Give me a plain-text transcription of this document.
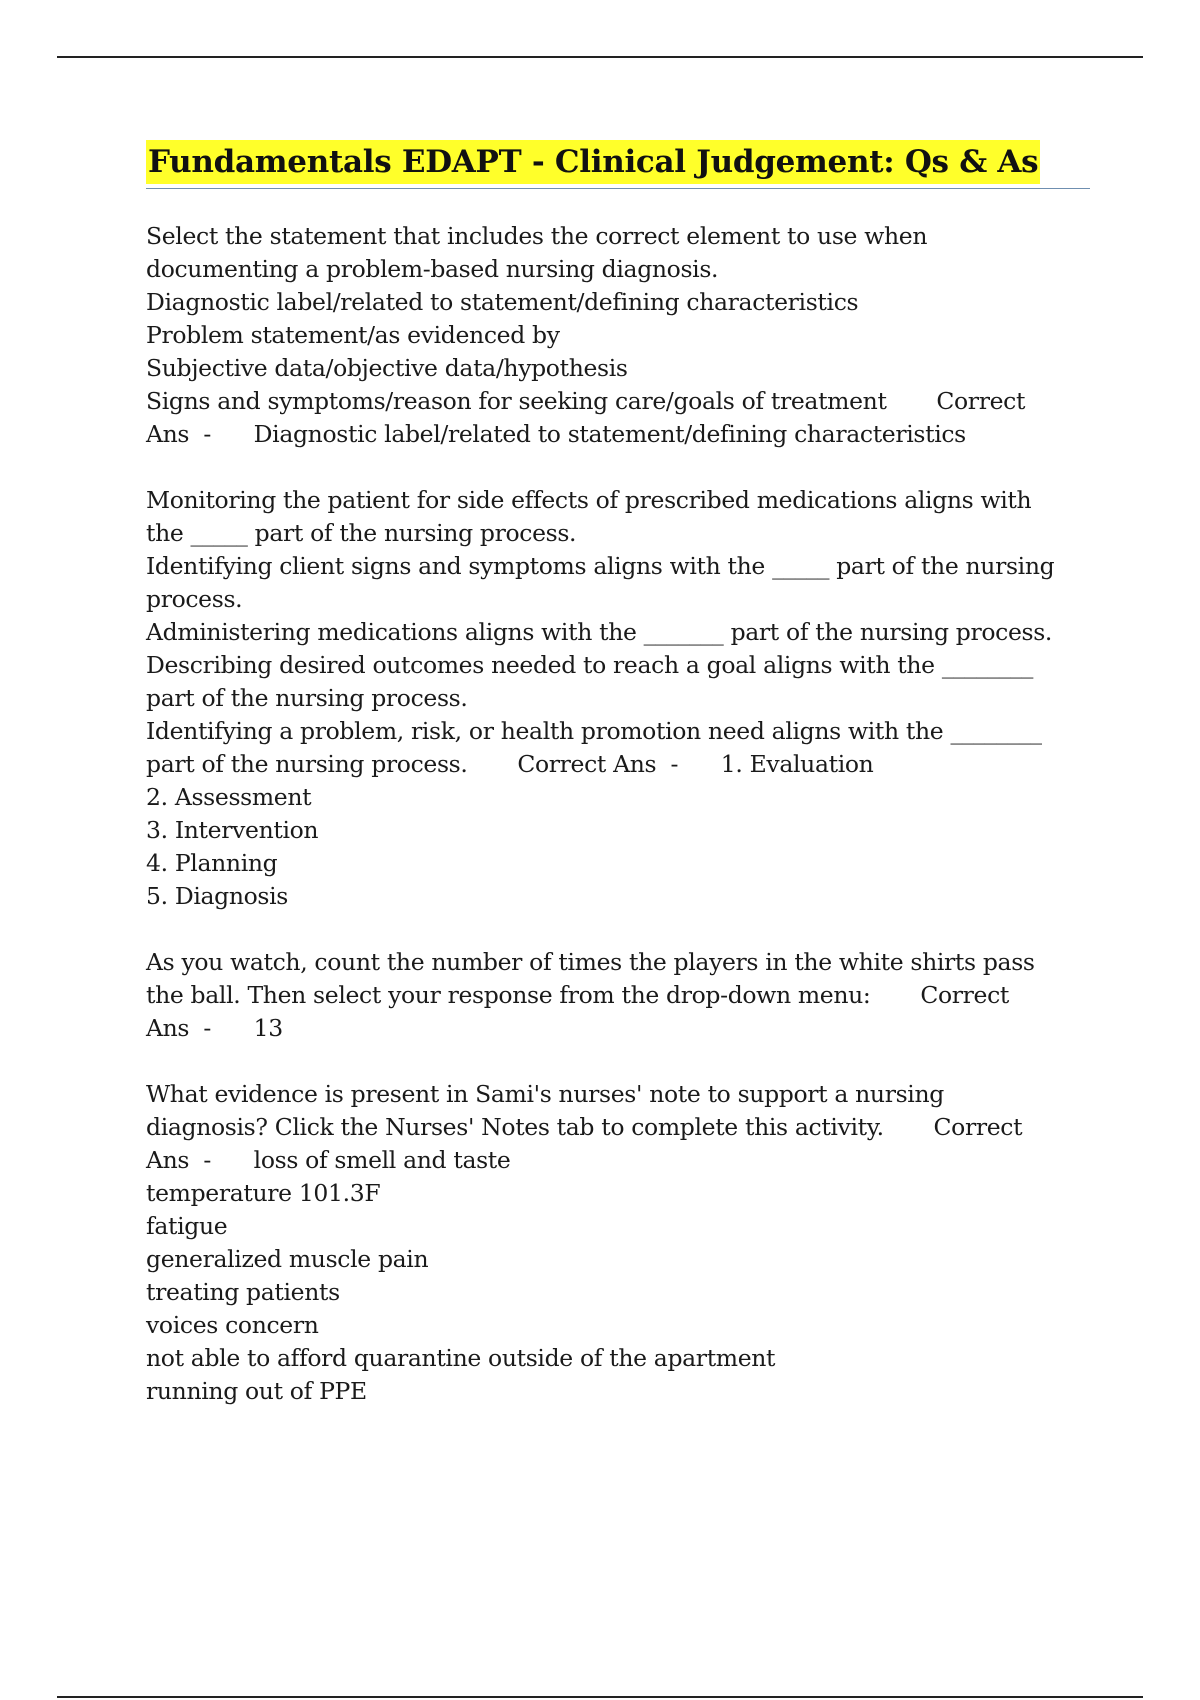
Fundamentals EDAPT - Clinical Judgement: Qs & As
Select the statement that includes the correct element to use when
documenting a problem-based nursing diagnosis.
Diagnostic label/related to statement/defining characteristics
Problem statement/as evidenced by
Subjective data/objective data/hypothesis
Signs and symptoms/reason for seeking care/goals of treatment       Correct
Ans  -      Diagnostic label/related to statement/defining characteristics
Monitoring the patient for side effects of prescribed medications aligns with
the _____ part of the nursing process.
Identifying client signs and symptoms aligns with the _____ part of the nursing
process.
Administering medications aligns with the _______ part of the nursing process.
Describing desired outcomes needed to reach a goal aligns with the ________
part of the nursing process.
Identifying a problem, risk, or health promotion need aligns with the ________
part of the nursing process.       Correct Ans  -      1. Evaluation
2. Assessment
3. Intervention
4. Planning
5. Diagnosis
As you watch, count the number of times the players in the white shirts pass
the ball. Then select your response from the drop-down menu:       Correct
Ans  -      13
What evidence is present in Sami's nurses' note to support a nursing
diagnosis? Click the Nurses' Notes tab to complete this activity.       Correct
Ans  -      loss of smell and taste
temperature 101.3F
fatigue
generalized muscle pain
treating patients
voices concern
not able to afford quarantine outside of the apartment
running out of PPE
